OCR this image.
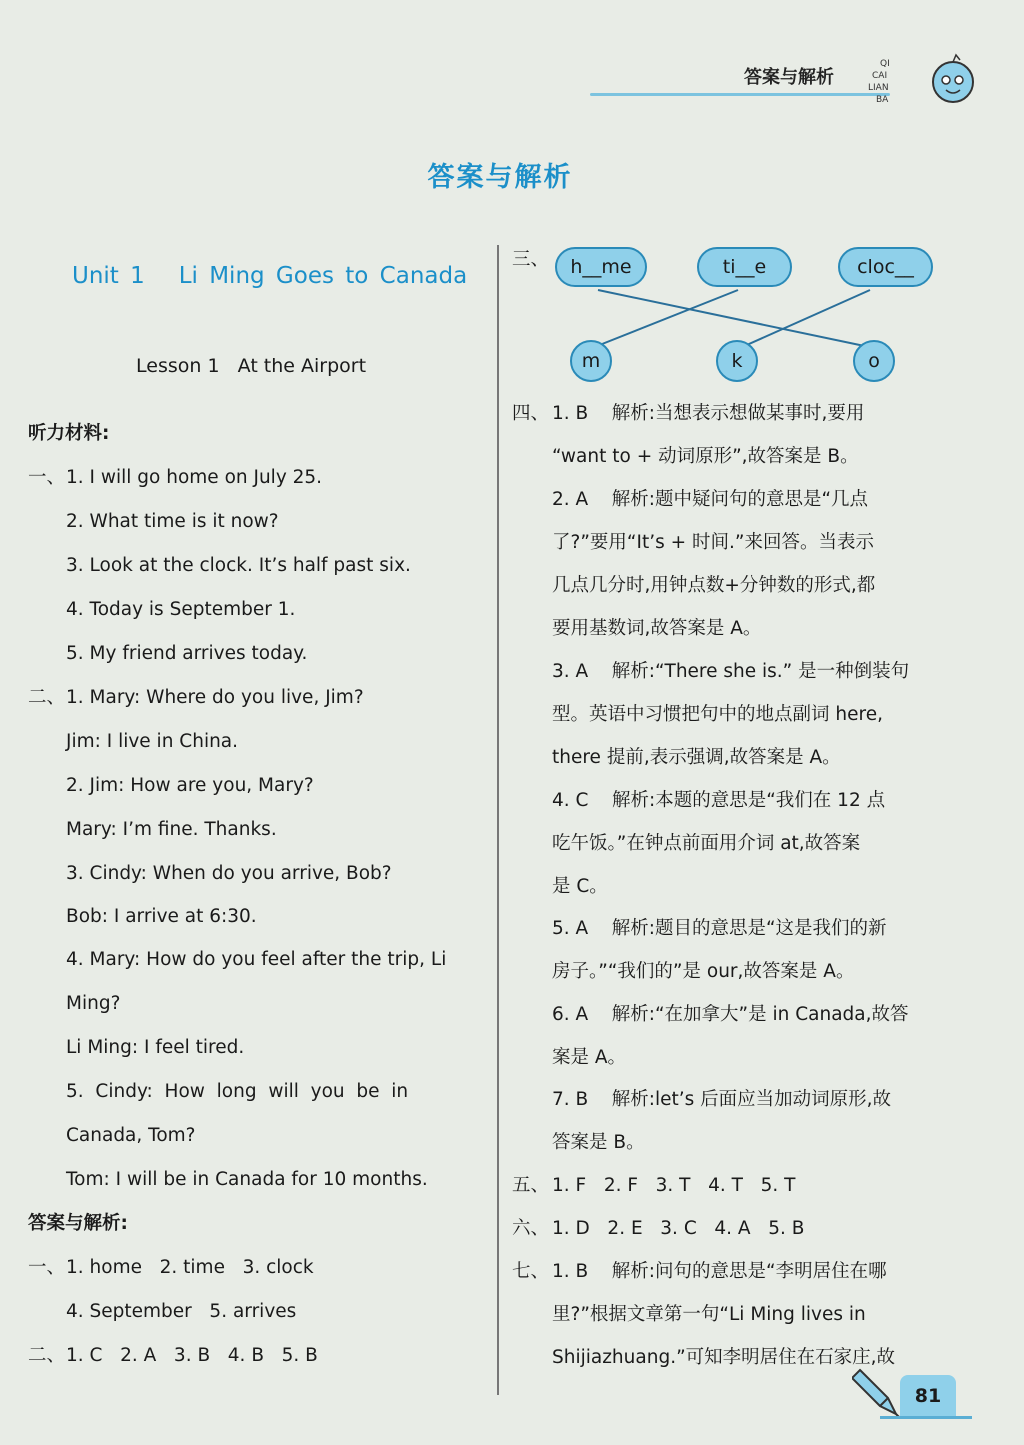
答案与解析
QI
CAI
LIAN
BA
答案与解析
Unit 1   Li Ming Goes to Canada
Lesson 1   At the Airport
听力材料:
一、 1. I will go home on July 25.
2. What time is it now?
3. Look at the clock. It’s half past six.
4. Today is September 1.
5. My friend arrives today.
二、 1. Mary: Where do you live, Jim?
Jim: I live in China.
2. Jim: How are you, Mary?
Mary: I’m fine. Thanks.
3. Cindy: When do you arrive, Bob?
Bob: I arrive at 6:30.
4. Mary: How do you feel after the trip, Li
Ming?
Li Ming: I feel tired.
5.  Cindy:  How  long  will  you  be  in
Canada, Tom?
Tom: I will be in Canada for 10 months.
答案与解析:
一、 1. home   2. time   3. clock
4. September   5. arrives
二、 1. C   2. A   3. B   4. B   5. B
三、	h__me	ti__e	cloc__
m	k	o
四、 1. B    解析:当想表示想做某事时,要用
“want to + 动词原形”,故答案是 B。
2. A    解析:题中疑问句的意思是“几点
了?”要用“It’s + 时间.”来回答。当表示
几点几分时,用钟点数+分钟数的形式,都
要用基数词,故答案是 A。
3. A    解析:“There she is.” 是一种倒装句
型。英语中习惯把句中的地点副词 here,
there 提前,表示强调,故答案是 A。
4. C    解析:本题的意思是“我们在 12 点
吃午饭。”在钟点前面用介词 at,故答案
是 C。
5. A    解析:题目的意思是“这是我们的新
房子。”“我们的”是 our,故答案是 A。
6. A    解析:“在加拿大”是 in Canada,故答
案是 A。
7. B    解析:let’s 后面应当加动词原形,故
答案是 B。
五、 1. F   2. F   3. T   4. T   5. T
六、 1. D   2. E   3. C   4. A   5. B
七、 1. B    解析:问句的意思是“李明居住在哪
里?”根据文章第一句“Li Ming lives in
Shijiazhuang.”可知李明居住在石家庄,故
81
